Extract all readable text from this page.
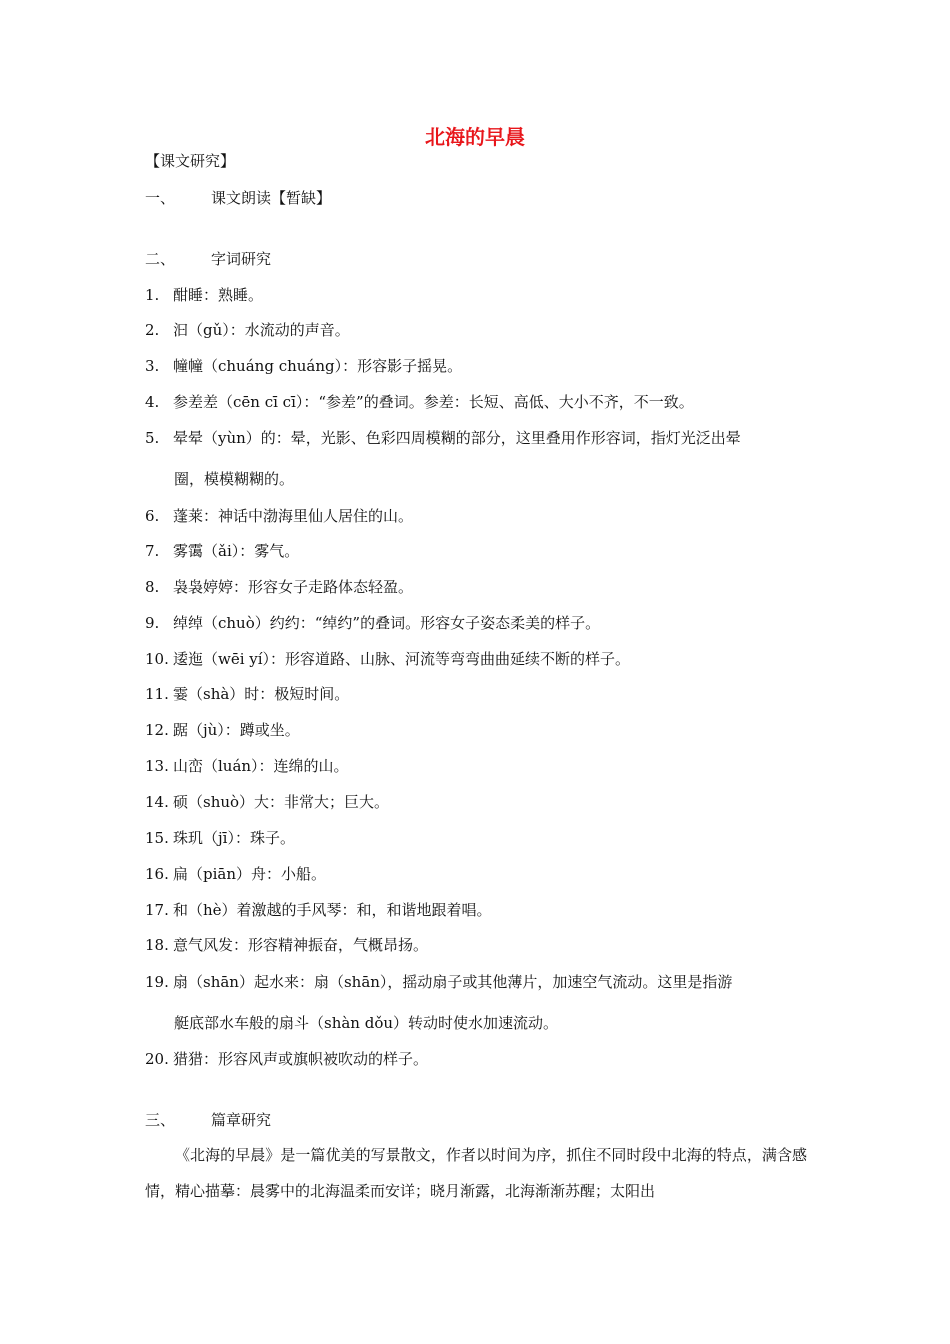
北海的早晨
【课文研究】
一、 课文朗读【暂缺】
二、 字词研究
1. 酣睡：熟睡。
2. 汩（gǔ）：水流动的声音。
3. 幢幢（chuáng chuáng）：形容影子摇晃。
4. 参差差（cēn cī cī）：“参差”的叠词。参差：长短、高低、大小不齐，不一致。
5. 晕晕（yùn）的：晕，光影、色彩四周模糊的部分，这里叠用作形容词，指灯光泛出晕
圈，模模糊糊的。
6. 蓬莱：神话中渤海里仙人居住的山。
7. 雾霭（ǎi）：雾气。
8. 袅袅婷婷：形容女子走路体态轻盈。
9. 绰绰（chuò）约约：“绰约”的叠词。形容女子姿态柔美的样子。
10. 逶迤（wēi yí）：形容道路、山脉、河流等弯弯曲曲延续不断的样子。
11. 霎（shà）时：极短时间。
12. 踞（jù）：蹲或坐。
13. 山峦（luán）：连绵的山。
14. 硕（shuò）大：非常大；巨大。
15. 珠玑（jī）：珠子。
16. 扁（piān）舟：小船。
17. 和（hè）着激越的手风琴：和，和谐地跟着唱。
18. 意气风发：形容精神振奋，气概昂扬。
19. 扇（shān）起水来：扇（shān），摇动扇子或其他薄片，加速空气流动。这里是指游
艇底部水车般的扇斗（shàn dǒu）转动时使水加速流动。
20. 猎猎：形容风声或旗帜被吹动的样子。
三、 篇章研究
《北海的早晨》是一篇优美的写景散文，作者以时间为序，抓住不同时段中北海的特点，满含感情，精心描摹：晨雾中的北海温柔而安详；晓月渐露，北海渐渐苏醒；太阳出
